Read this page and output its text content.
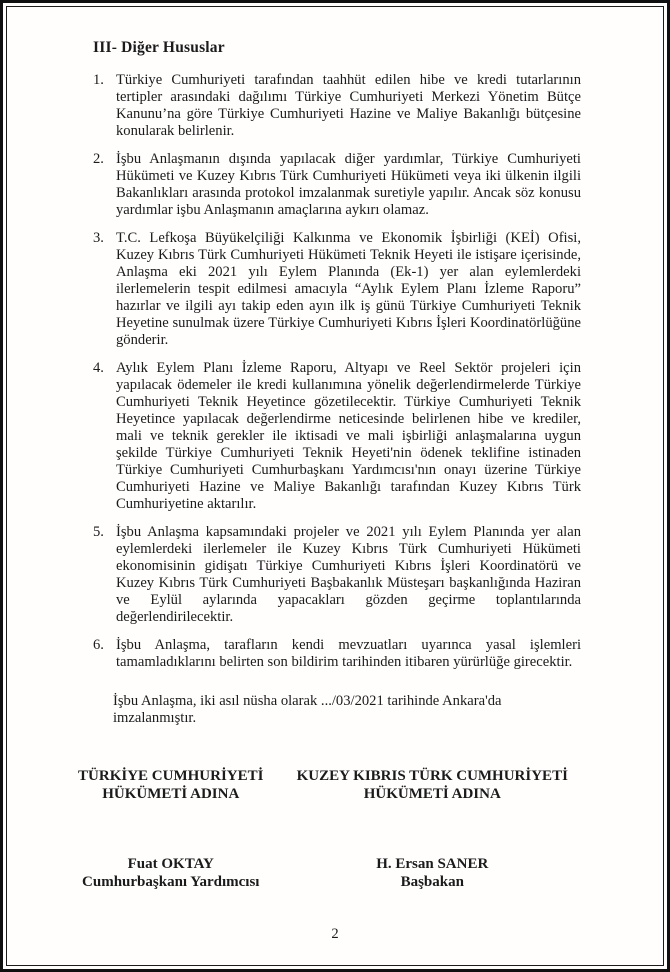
III- Diğer Hususlar
1. Türkiye Cumhuriyeti tarafından taahhüt edilen hibe ve kredi tutarlarının tertipler arasındaki dağılımı Türkiye Cumhuriyeti Merkezi Yönetim Bütçe Kanunu’na göre Türkiye Cumhuriyeti Hazine ve Maliye Bakanlığı bütçesine konularak belirlenir.
2. İşbu Anlaşmanın dışında yapılacak diğer yardımlar, Türkiye Cumhuriyeti Hükümeti ve Kuzey Kıbrıs Türk Cumhuriyeti Hükümeti veya iki ülkenin ilgili Bakanlıkları arasında protokol imzalanmak suretiyle yapılır. Ancak söz konusu yardımlar işbu Anlaşmanın amaçlarına aykırı olamaz.
3. T.C. Lefkoşa Büyükelçiliği Kalkınma ve Ekonomik İşbirliği (KEİ) Ofisi, Kuzey Kıbrıs Türk Cumhuriyeti Hükümeti Teknik Heyeti ile istişare içerisinde, Anlaşma eki 2021 yılı Eylem Planında (Ek-1) yer alan eylemlerdeki ilerlemelerin tespit edilmesi amacıyla “Aylık Eylem Planı İzleme Raporu” hazırlar ve ilgili ayı takip eden ayın ilk iş günü Türkiye Cumhuriyeti Teknik Heyetine sunulmak üzere Türkiye Cumhuriyeti Kıbrıs İşleri Koordinatörlüğüne gönderir.
4. Aylık Eylem Planı İzleme Raporu, Altyapı ve Reel Sektör projeleri için yapılacak ödemeler ile kredi kullanımına yönelik değerlendirmelerde Türkiye Cumhuriyeti Teknik Heyetince gözetilecektir. Türkiye Cumhuriyeti Teknik Heyetince yapılacak değerlendirme neticesinde belirlenen hibe ve krediler, mali ve teknik gerekler ile iktisadi ve mali işbirliği anlaşmalarına uygun şekilde Türkiye Cumhuriyeti Teknik Heyeti'nin ödenek teklifine istinaden Türkiye Cumhuriyeti Cumhurbaşkanı Yardımcısı'nın onayı üzerine Türkiye Cumhuriyeti Hazine ve Maliye Bakanlığı tarafından Kuzey Kıbrıs Türk Cumhuriyetine aktarılır.
5. İşbu Anlaşma kapsamındaki projeler ve 2021 yılı Eylem Planında yer alan eylemlerdeki ilerlemeler ile Kuzey Kıbrıs Türk Cumhuriyeti Hükümeti ekonomisinin gidişatı Türkiye Cumhuriyeti Kıbrıs İşleri Koordinatörü ve Kuzey Kıbrıs Türk Cumhuriyeti Başbakanlık Müsteşarı başkanlığında Haziran ve Eylül aylarında yapacakları gözden geçirme toplantılarında değerlendirilecektir.
6. İşbu Anlaşma, tarafların kendi mevzuatları uyarınca yasal işlemleri tamamladıklarını belirten son bildirim tarihinden itibaren yürürlüğe girecektir.

İşbu Anlaşma, iki asıl nüsha olarak .../03/2021 tarihinde Ankara'da imzalanmıştır.

TÜRKİYE CUMHURİYETİ
HÜKÜMETİ ADINA
KUZEY KIBRIS TÜRK CUMHURİYETİ
HÜKÜMETİ ADINA
Fuat OKTAY
Cumhurbaşkanı Yardımcısı
H. Ersan SANER
Başbakan
2
